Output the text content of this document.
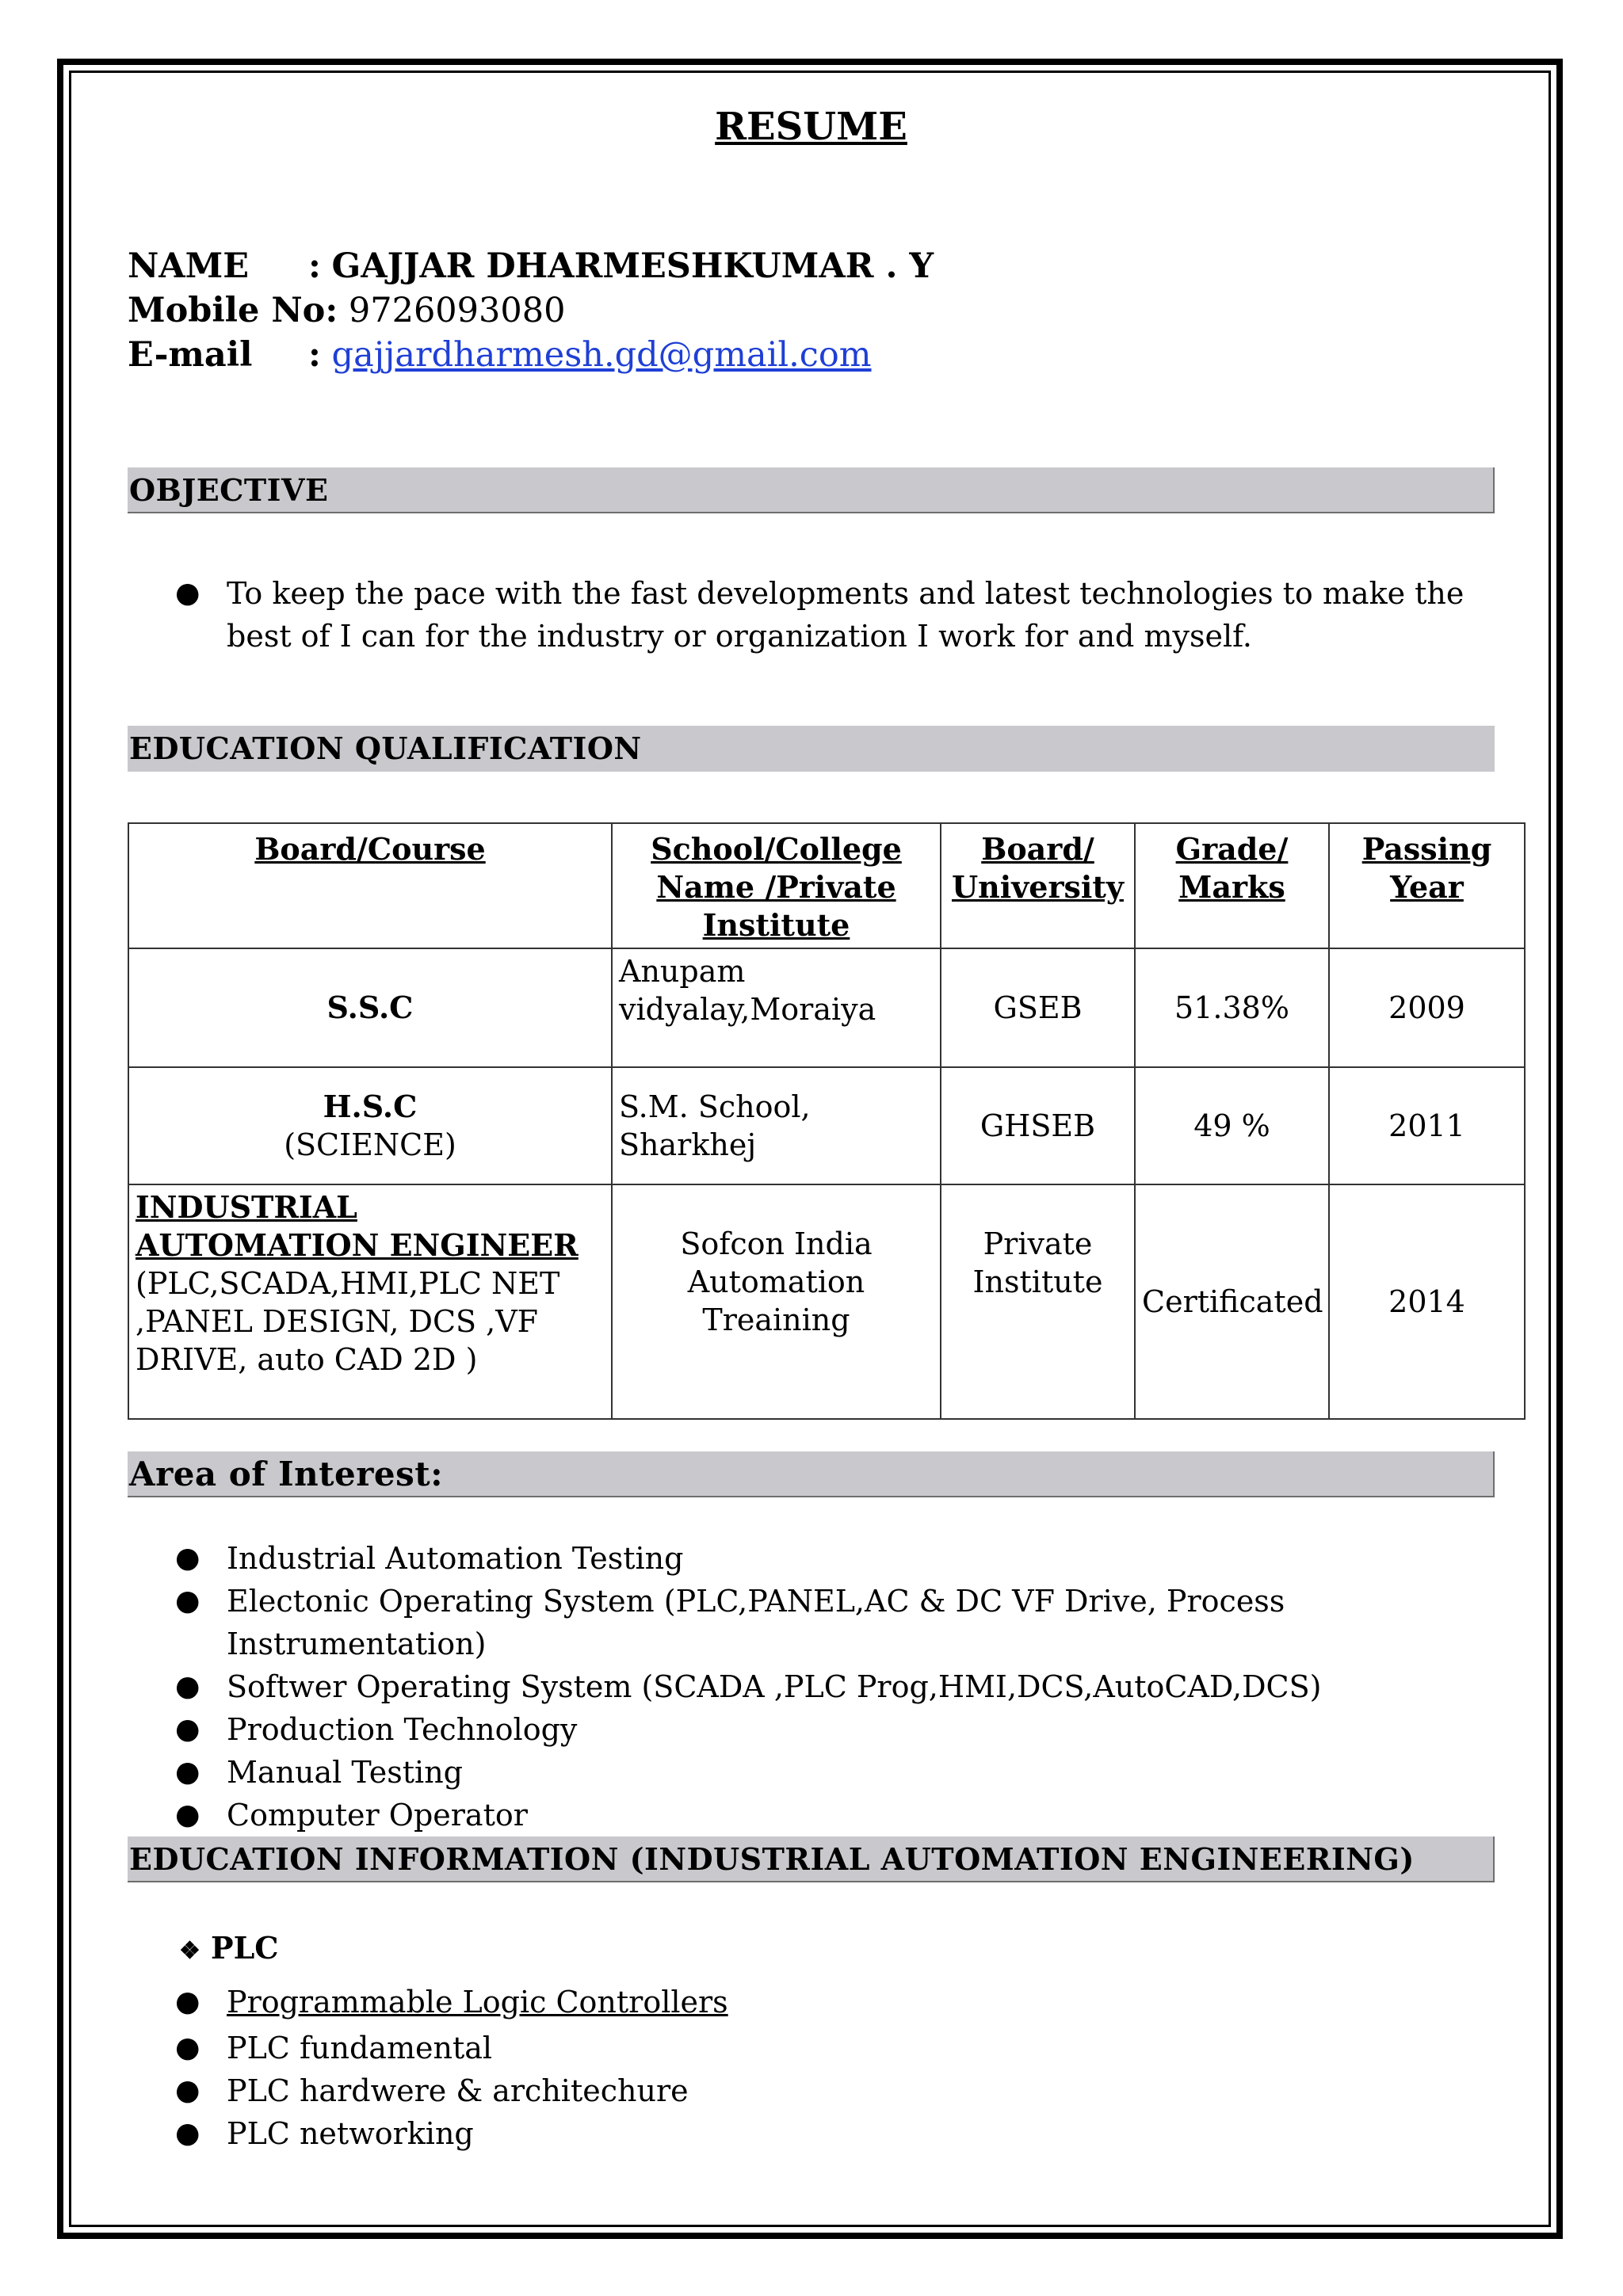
RESUME
NAME : GAJJAR DHARMESHKUMAR . Y
Mobile No: 9726093080
E-mail : gajjardharmesh.gd@gmail.com
OBJECTIVE
● To keep the pace with the fast developments and latest technologies to make the best of I can for the industry or organization I work for and myself.
EDUCATION QUALIFICATION
Board/Course	School/College Name /Private Institute	Board/ University	Grade/ Marks	Passing Year
S.S.C	Anupam vidyalay,Moraiya	GSEB	51.38%	2009

H.S.C
(SCIENCE)	S.M. School, Sharkhej	GHSEB	49 %	2011

INDUSTRIAL AUTOMATION ENGINEER
(PLC,SCADA,HMI,PLC NET ,PANEL DESIGN, DCS ,VF DRIVE, auto CAD 2D )	Sofcon India Automation Treaining	Private Institute	Certificated	2014
Area of Interest:
● Industrial Automation Testing
● Electonic Operating System (PLC,PANEL,AC & DC VF Drive, Process Instrumentation)
● Softwer Operating System (SCADA ,PLC Prog,HMI,DCS,AutoCAD,DCS)
● Production Technology
● Manual Testing
● Computer Operator
EDUCATION INFORMATION (INDUSTRIAL AUTOMATION ENGINEERING)
❖ PLC
● Programmable Logic Controllers
● PLC fundamental
● PLC hardwere & architechure
● PLC networking
